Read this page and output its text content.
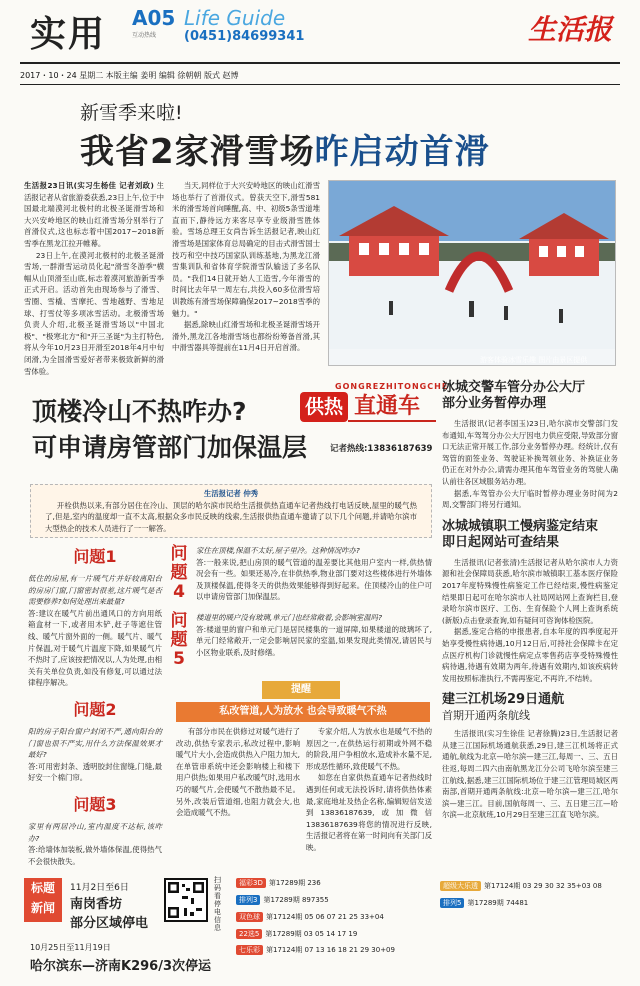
实用 A05 Life Guide
互动热线 (0451)84699341	生活报
2017・10・24 星期二 本版主编 姜明 编辑 徐朝朝 版式 赵博
新雪季来啦!
我省2家滑雪场昨启动首滑

生活报23日讯(实习生杨佳 记者刘政) 生活报记者从省旅游委获悉,23日上午,位于中国最北端漠河北极村的北极圣诞滑雪场和大兴安岭地区的映山红滑雪场分别举行了首滑仪式,这也标志着中国2017~2018新雪季在黑龙江拉开帷幕。

23日上午,在漠河北极村的北极圣诞滑雪场,一群滑雪运动员化起"滑雪冬游季"横幅从山顶滑至山底,标志着漠河旅游新雪季正式开启。活动首先由现场参与了滑雪、雪圈、雪橇、雪摩托、雪地越野、雪地足球、打雪仗等多项冰雪活动。北极滑雪场负责人介绍,北极圣诞滑雪场以"中国北极"、"极寒北方"和"开三圣诞"为主打特色,将从今年10月23日开滑至2018年4月中旬闭滑,为全国滑雪爱好者带来极致新鲜的滑雪体验。

当天,同样位于大兴安岭地区的映山红滑雪场也举行了首滑仪式。曾获天空下,滑雪581米的滑雪场首向睡醒,高、中、初级5条雪道堆直而下,静待远方来客尽享专业级滑雪胜体验。雪场总理王女尚告诉生活报记者,映山红滑雪场是国家体育总局确定的目击式滑雪国士技巧和空中技巧国家队训练基地,为黑龙江滑雪集训队和省体育学院滑雪队输送了多名队员。"我们14日就开始人工造雪,今年滑雪的时间比去年早一周左右,共投入60多位滑雪培训教练有滑雪场保障确保2017~2018雪季的魅力。"

据悉,除映山红滑雪场和北极圣诞滑雪场开滑外,黑龙江各地滑雪场也都纷纷筹备首滑,其中滑雪器具等提前在11月4日开启首滑。

游客体验冰雪乐趣 图片由景区提供
GONGREZHITONGCHE
供热 直通车
顶楼冷山不热咋办?
可申请房管部门加保温层	记者热线:13836187639
生活报记者 仲秀

开栓供热以来,有部分居住在冷山、顶层的哈尔滨市民给生活报供热直通车记者热线打电话反映,屋里的暖气热了,但是,室内的温度却一直不太高,根据众多市民反映的线索,生活报供热直通车邀请了以下几个问题,并请哈尔滨市大型热企的技术人员进行了一一解答。

问题1
低住的房屋,有一片暖气片并好较离阳台的房房门窗,门窗密封很差,这片暖气是否需要修养?如何处理出来最量?
答:建议在暖气片前出通风口的方向用纸箱盒材一下,或者用木铲,赶子等遮住管线、暖气片窗外面的一侧。暖气片、暖气片保温,对于暖气片温度下降,如果暖气片不热时了,应该按把情况以,人为处理,由相关有关单位负责,如没有修复,可以通过法律程序解决。
问题2
阳的房子阳台窗户封闭不严,通向阳台的门窗也很不严实,用什么方法保温效果才最好?
答:可用密封条、透明胶封住窗缝,门缝,最好安一个棉门帘。
问题3
家里有两居冷山,室内温度不达标,该咋办?
答:给墙体加装板,做外墙体保温,使得热气不会很快散失。
问题4
家住在顶楼,保温不太好,屋子里冷。这种情况咋办?
答:一般来说,把山房顶的暖气管道的温差要比其他用户室内一样,供热情况会有一些。如果还易冷,在非供热季,物业部门要对这些楼体进行外墙体及顶楼保温,使得冬天的供热效果能够得到好起来。住顶楼冷山的住户可以申请房管部门加保温层。
问题5
楼道里的暖户没有玻璃,单元门也经常敞着,会影响室温吗?
答:楼道里的窗户和单元门是居民楼集的一道屏障,如果楼道的玻璃坏了,单元门经常敞开,一定会影响居民家的室温,如果发现此类情况,请居民与小区物业联系,及时修缮。
提醒
私改管道,人为放水 也会导致暖气不热

有部分市民在供修过对暖气进行了改动,供热专家表示,私改过程中,影响暖气片大小,会造成供热入户阻力加大,在单管串系统中还会影响楼上和楼下用户供热;如果用户私改暖气时,选用水巧的暖气片,会使暖气不散热最不足。另外,改装后管道细,也阻力就会大,也会造成暖气不热。

专家介绍,人为放水也是暖气不热的原因之一,在供热运行初期或外网不稳的阶段,用户争相放水,造成补水量不足,形成恶性循环,致使暖气不热。

如您在自家供热直通车记者热线时遇到任何或无法投诉时,请将供热体素最,家庭地址及热企名称,编辑短信发送到13836187639,或加微信13836187639将您的情况进行反映,生活报记者将在第一时间向有关部门反映。

冰城交警车管分办公大厅
部分业务暂停办理

生活报讯(记者李国玉)23日,哈尔滨市交警部门发布通知,车驾驾分办公大厅因电力供应受限,导致部分窗口无法正常开展工作,部分业务暂停办理。经统计,仅有驾管的面签业务、驾驶证补换驾领业务、补换证业务仍正在对外办公,请需办理其他车驾管业务的驾驶人确认前往各区域服务站办理。

据悉,车驾管办公大厅临时暂停办理业务时间为2周,交警部门将另行通知。

冰城城镇职工慢病鉴定结束
即日起网站可查结果

生活报讯(记者张清)生活报记者从哈尔滨市人力资源和社会保障局获悉,哈尔滨市城镇职工基本医疗保险2017年度特殊慢性病鉴定工作已经结束,慢性病鉴定结果即日起可在哈尔滨市人社局网站网上查询栏目,登录哈尔滨市医疗、工伤、生育保险个人网上查询系统(新版)点击登录查询,如有疑问可咨询体检医院。

据悉,鉴定合格的申报患者,自本年度的四季度起开始享受慢性病待遇,10月12日后,可持社会保障卡在定点医疗机构门诊就慢性病定点零售药店享受特殊慢性病待遇,待遇有效期为两年,待遇有效期内,如该疾病转发用按照标准执行,不需再鉴定,不再许,不结转。

建三江机场29日通航
首期开通两条航线

生活报讯(实习生徐佳 记者徐腾)23日,生活报记者从建三江国际机场通航获悉,29日,建三江机场将正式通航,航线为北京—哈尔滨—建三江,每周一、三、五日往返,每周二四六由南航黑龙江分公司飞哈尔滨至建三江航线,据悉,建三江国际机场位于建三江管理局城区两南部,首期开通两条航线:北京—哈尔滨—建三江,哈尔滨—建三江。目前,国航每周一、三、五日建三江—哈尔滨—北京航班,10月29日至建三江直飞哈尔滨。

标题
新闻
11月2日至6日
南岗香坊
部分区域停电
扫码看停电信息
福彩3D 第17289期 236
排列3 第17289期 897355
双色球 第17124期 05 06 07 21 25 33+04
22选5 第17289期 03 05 14 17 19
七乐彩 第17124期 07 13 16 18 21 29 30+09
超级大乐透 第17124期 03 29 30 32 35+03 08
排列5 第17289期 74481
10月25日至11月19日
哈尔滨东—济南K296/3次停运
